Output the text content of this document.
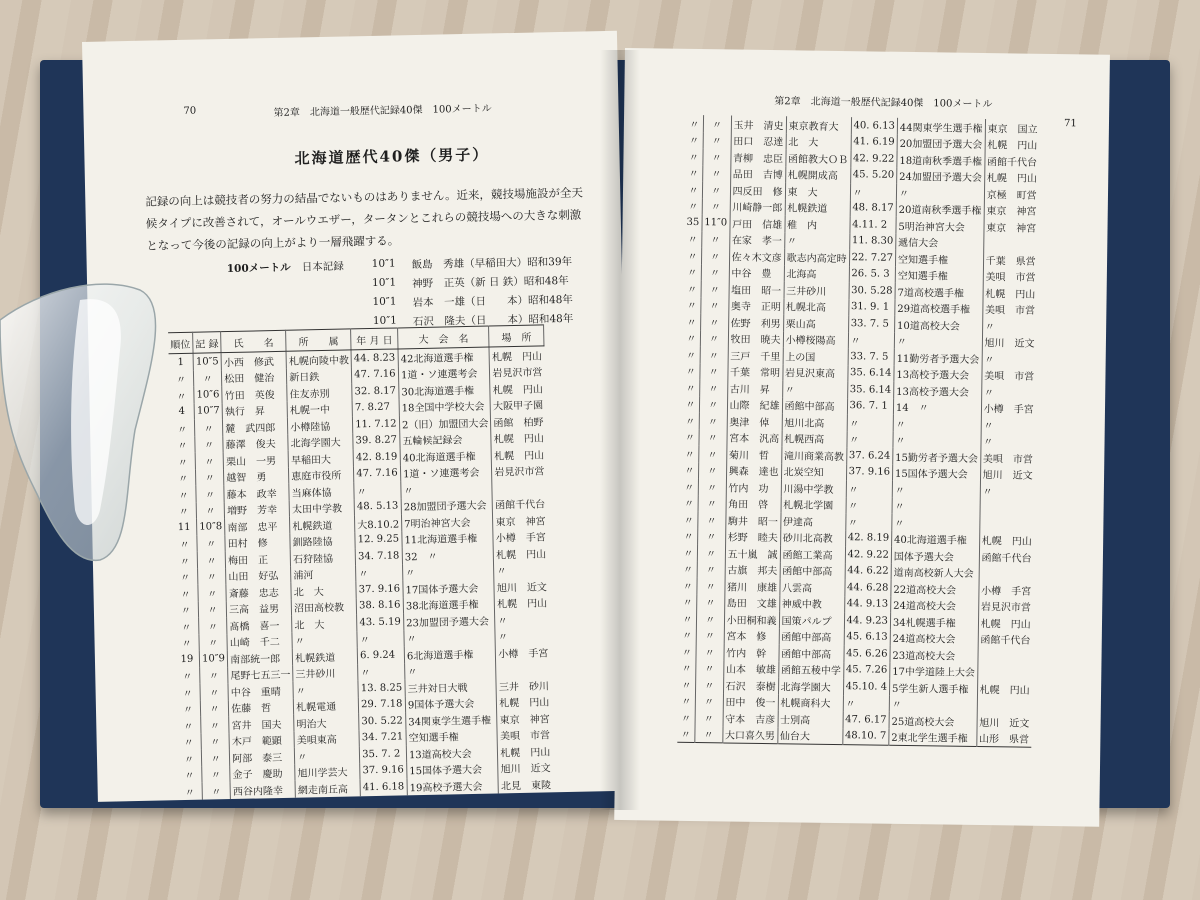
70	第2章　北海道一般歴代記録40傑　100メートル
北海道歴代40傑（男子）
記録の向上は競技者の努力の結晶でないものはありません。近来，競技場施設が全天候タイプに改善されて，オールウエザー，タータンとこれらの競技場への大きな刺激となって今後の記録の向上がより一層飛躍する。
100メートル 日本記録	10″1 飯島　秀雄（早稲田大）昭和39年
10″1 神野　正英（新 日 鉄）昭和48年
10″1 岩本　一雄（日　　本）昭和48年
10″1 石沢　隆夫（日　　本）昭和48年
順位	記 録	氏　　名	所　　属	年 月 日	大　会　名	場　所
1	10″5	小西　修武	札幌向陵中教	44. 8.23	42北海道選手権	札幌　円山
〃	〃	松田　健治	新日鉄	47. 7.16	1道・ソ連選考会	岩見沢市営
〃	10″6	竹田　英俊	住友赤別	32. 8.17	30北海道選手権	札幌　円山
4	10″7	執行　昇	札幌一中	7. 8.27	18全国中学校大会	大阪甲子園
〃	〃	麓　武四郎	小樽陸協	11. 7.12	2（旧）加盟団大会	函館　柏野
〃	〃	藤澤　俊夫	北海学園大	39. 8.27	五輪候記録会	札幌　円山
〃	〃	栗山　一男	早稲田大	42. 8.19	40北海道選手権	札幌　円山
〃	〃	越智　勇	恵庭市役所	47. 7.16	1道・ソ連選考会	岩見沢市営
〃	〃	藤本　政幸	当麻体協	〃	〃	
〃	〃	増野　芳幸	太田中学教	48. 5.13	28加盟団予選大会	函館千代台
11	10″8	南部　忠平	札幌鉄道	大8.10.2	7明治神宮大会	東京　神宮
〃	〃	田村　修	釧路陸協	12. 9.25	11北海道選手権	小樽　手宮
〃	〃	梅田　正	石狩陸協	34. 7.18	32　〃	札幌　円山
〃	〃	山田　好弘	浦河	〃	〃	〃
〃	〃	斎藤　忠志	北　大	37. 9.16	17国体予選大会	旭川　近文
〃	〃	三高　益男	沼田高校教	38. 8.16	38北海道選手権	札幌　円山
〃	〃	髙橋　喜一	北　大	43. 5.19	23加盟団予選大会	〃
〃	〃	山崎　千二	〃	〃	〃	〃
19	10″9	南部統一郎	札幌鉄道	6. 9.24	6北海道選手権	小樽　手宮
〃	〃	尾野七五三一	三井砂川	〃	〃	
〃	〃	中谷　重晴	〃	13. 8.25	三井対日大戦	三井　砂川
〃	〃	佐藤　哲	札幌電通	29. 7.18	9国体予選大会	札幌　円山
〃	〃	宮井　国夫	明治大	30. 5.22	34関東学生選手権	東京　神宮
〃	〃	木戸　範顕	美唄東高	34. 7.21	空知選手権	美唄　市営
〃	〃	阿部　泰三	〃	35. 7. 2	13道高校大会	札幌　円山
〃	〃	金子　慶助	旭川学芸大	37. 9.16	15国体予選大会	旭川　近文
〃	〃	西谷内隆幸	網走南丘高	41. 6.18	19高校予選大会	北見　東陵
第2章　北海道一般歴代記録40傑　100メートル
71
〃	〃	玉井　清史	東京教育大	40. 6.13	44関東学生選手権	東京　国立
〃	〃	田口　忍達	北　大	41. 6.19	20加盟団予選大会	札幌　円山
〃	〃	青柳　忠臣	函館教大ＯＢ	42. 9.22	18道南秋季選手権	函館千代台
〃	〃	品田　吉博	札幌開成高	45. 5.20	24加盟団予選大会	札幌　円山
〃	〃	四反田　修	東　大	〃	〃	京極　町営
〃	〃	川崎静一郎	札幌鉄道	48. 8.17	20道南秋季選手権	東京　神宮
35	11″0	戸田　信雄	稚　内	4.11. 2	5明治神宮大会	東京　神宮
〃	〃	在家　孝一	〃	11. 8.30	遞信大会	
〃	〃	佐々木文彦	歌志内高定時	22. 7.27	空知選手権	千葉　県営
〃	〃	中谷　豊	北海高	26. 5. 3	空知選手権	美唄　市営
〃	〃	塩田　昭一	三井砂川	30. 5.28	7道高校選手権	札幌　円山
〃	〃	奥寺　正明	札幌北高	31. 9. 1	29道高校選手権	美唄　市営
〃	〃	佐野　利男	栗山高	33. 7. 5	10道高校大会	〃
〃	〃	牧田　暁夫	小樽桜陽高	〃	〃	旭川　近文
〃	〃	三戸　千里	上の国	33. 7. 5	11勤労者予選大会	〃
〃	〃	千葉　常明	岩見沢東高	35. 6.14	13高校予選大会	美唄　市営
〃	〃	古川　昇	〃	35. 6.14	13高校予選大会	〃
〃	〃	山際　紀雄	函館中部高	36. 7. 1	14　〃	小樽　手宮
〃	〃	奥津　倬	旭川北高	〃	〃	〃
〃	〃	宮本　汎高	札幌西高	〃	〃	〃
〃	〃	菊川　哲	滝川商業高教	37. 6.24	15勤労者予選大会	美唄　市営
〃	〃	興森　達也	北炭空知	37. 9.16	15国体予選大会	旭川　近文
〃	〃	竹内　功	川湯中学教	〃	〃	〃
〃	〃	角田　啓	札幌北学園	〃	〃	
〃	〃	駒井　昭一	伊達高	〃	〃	
〃	〃	杉野　睦夫	砂川北高教	42. 8.19	40北海道選手権	札幌　円山
〃	〃	五十嵐　誠	函館工業高	42. 9.22	国体予選大会	函館千代台
〃	〃	古旗　邦夫	函館中部高	44. 6.22	道南高校新人大会	
〃	〃	猪川　康雄	八雲高	44. 6.28	22道高校大会	小樽　手宮
〃	〃	島田　文雄	神威中教	44. 9.13	24道高校大会	岩見沢市営
〃	〃	小田桐和義	国策パルプ	44. 9.23	34札幌選手権	札幌　円山
〃	〃	宮本　修	函館中部高	45. 6.13	24道高校大会	函館千代台
〃	〃	竹内　幹	函館中部高	45. 6.26	23道高校大会	
〃	〃	山本　敏雄	函館五稜中学	45. 7.26	17中学道陸上大会	
〃	〃	石沢　泰樹	北海学園大	45.10. 4	5学生新人選手権	札幌　円山
〃	〃	田中　俊一	札幌商科大	〃	〃	
〃	〃	守本　吉彦	士別高	47. 6.17	25道高校大会	旭川　近文
〃	〃	大口喜久男	仙台大	48.10. 7	2東北学生選手権	山形　県営
